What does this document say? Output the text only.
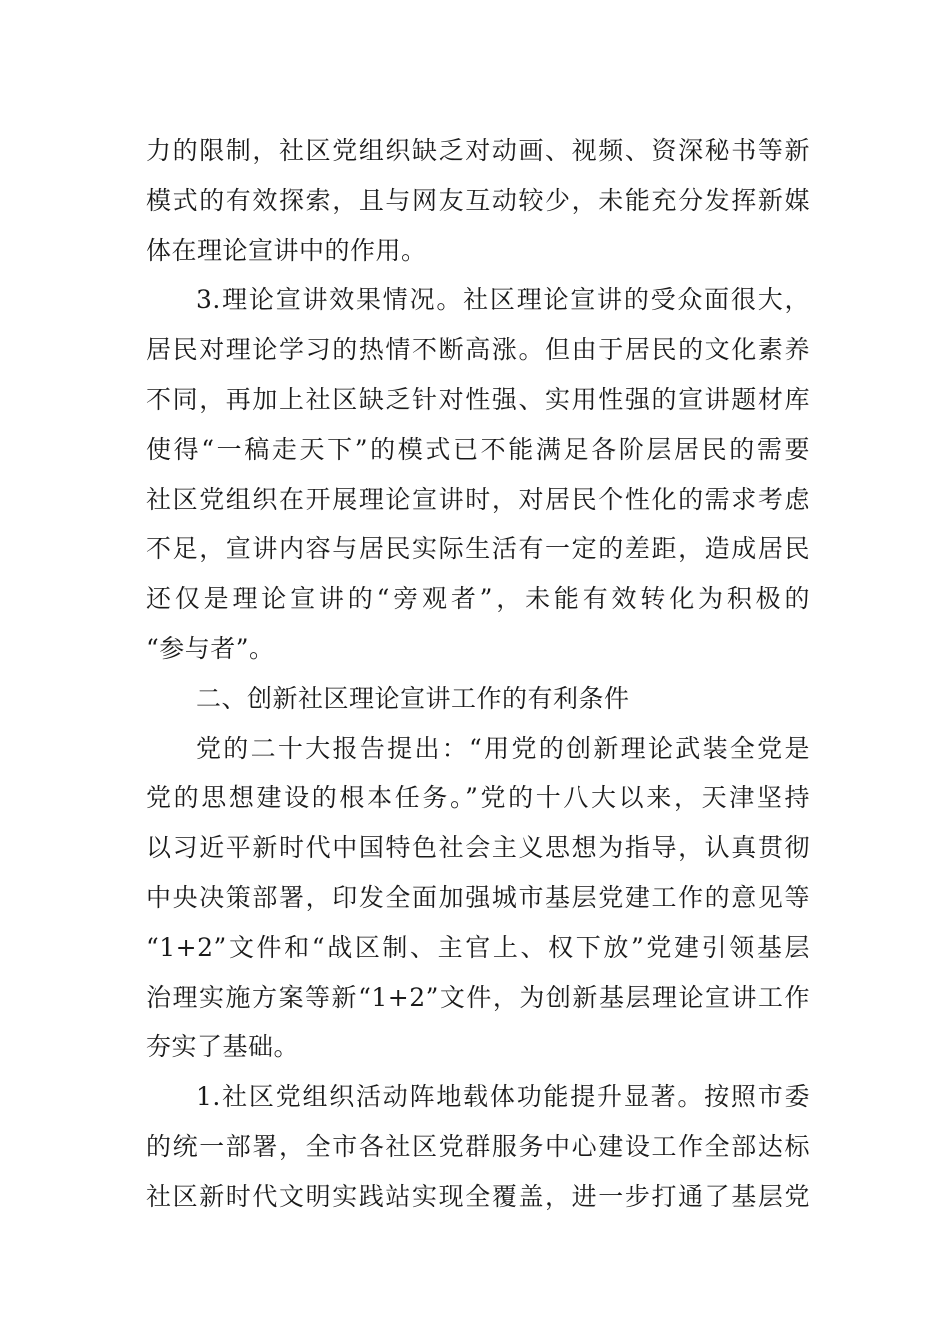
力的限制，社区党组织缺乏对动画、视频、资深秘书等新
模式的有效探索，且与网友互动较少，未能充分发挥新媒
体在理论宣讲中的作用。
3.理论宣讲效果情况。社区理论宣讲的受众面很大，
居民对理论学习的热情不断高涨。但由于居民的文化素养
不同，再加上社区缺乏针对性强、实用性强的宣讲题材库
使得“一稿走天下”的模式已不能满足各阶层居民的需要
社区党组织在开展理论宣讲时，对居民个性化的需求考虑
不足，宣讲内容与居民实际生活有一定的差距，造成居民
还仅是理论宣讲的“旁观者”，未能有效转化为积极的
“参与者”。
二、创新社区理论宣讲工作的有利条件
党的二十大报告提出：“用党的创新理论武装全党是
党的思想建设的根本任务。”党的十八大以来，天津坚持
以习近平新时代中国特色社会主义思想为指导，认真贯彻
中央决策部署，印发全面加强城市基层党建工作的意见等
“1+2”文件和“战区制、主官上、权下放”党建引领基层
治理实施方案等新“1+2”文件，为创新基层理论宣讲工作
夯实了基础。
1.社区党组织活动阵地载体功能提升显著。按照市委
的统一部署，全市各社区党群服务中心建设工作全部达标
社区新时代文明实践站实现全覆盖，进一步打通了基层党
